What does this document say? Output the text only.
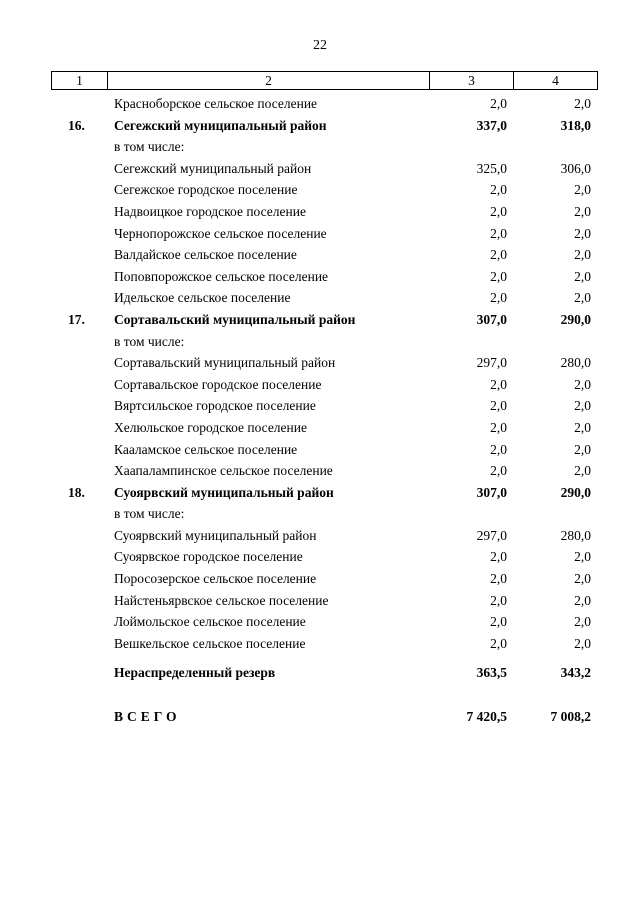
22
1	2	3	4
	Красноборское сельское поселение	2,0	2,0
16.	Сегежский муниципальный район	337,0	318,0
	в том числе:		
	Сегежский муниципальный район	325,0	306,0
	Сегежское городское поселение	2,0	2,0
	Надвоицкое городское поселение	2,0	2,0
	Чернопорожское сельское поселение	2,0	2,0
	Валдайское сельское поселение	2,0	2,0
	Поповпорожское сельское поселение	2,0	2,0
	Идельское сельское поселение	2,0	2,0
17.	Сортавальский муниципальный район	307,0	290,0
	в том числе:		
	Сортавальский муниципальный район	297,0	280,0
	Сортавальское городское поселение	2,0	2,0
	Вяртсильское городское поселение	2,0	2,0
	Хелюльское городское поселение	2,0	2,0
	Кааламское сельское поселение	2,0	2,0
	Хаапалампинское сельское поселение	2,0	2,0
18.	Суоярвский муниципальный район	307,0	290,0
	в том числе:		
	Суоярвский муниципальный район	297,0	280,0
	Суоярвское городское поселение	2,0	2,0
	Поросозерское сельское поселение	2,0	2,0
	Найстеньярвское сельское поселение	2,0	2,0
	Лоймольское сельское поселение	2,0	2,0
	Вешкельское сельское поселение	2,0	2,0

	Нераспределенный резерв	363,5	343,2

	ВСЕГО	7 420,5	7 008,2
